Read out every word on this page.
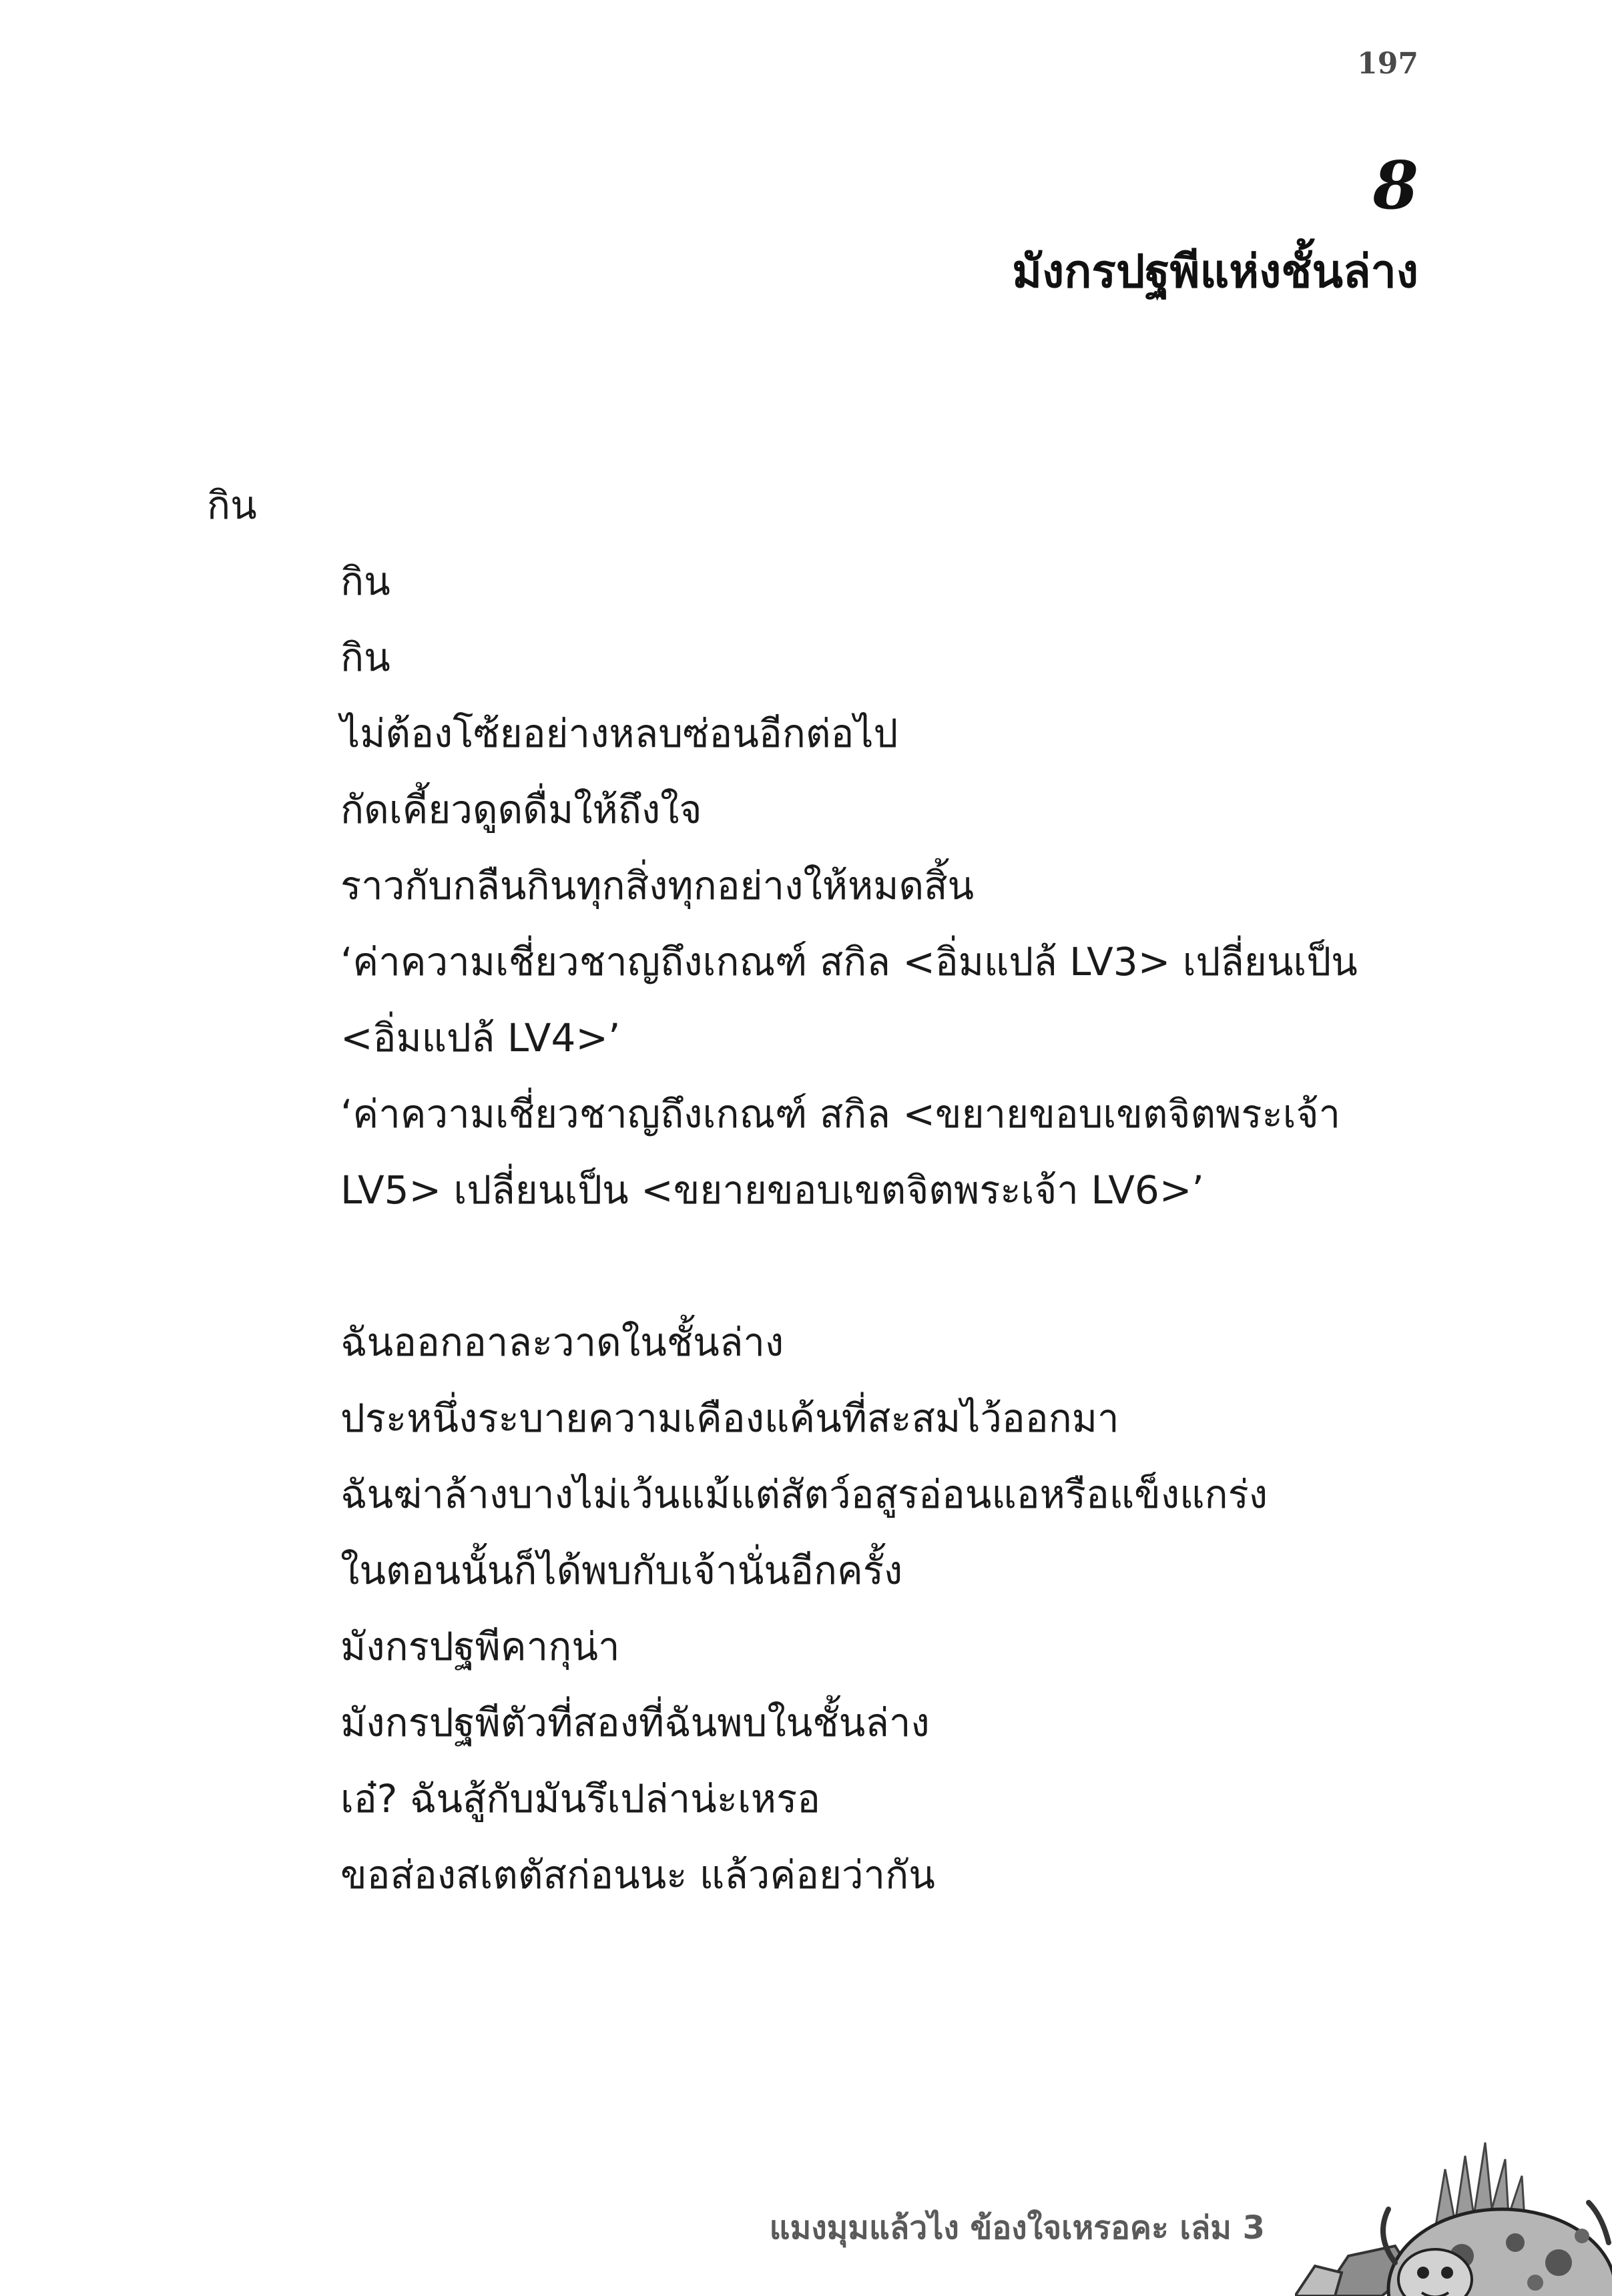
197
8
มังกรปฐพีแห่งชั้นล่าง
กิน
กิน
กิน
ไม่ต้องโซ้ยอย่างหลบซ่อนอีกต่อไป
กัดเคี้ยวดูดดื่มให้ถึงใจ
ราวกับกลืนกินทุกสิ่งทุกอย่างให้หมดสิ้น
‘ค่าความเชี่ยวชาญถึงเกณฑ์ สกิล <อิ่มแปล้ LV3> เปลี่ยนเป็น <อิ่มแปล้ LV4>’
‘ค่าความเชี่ยวชาญถึงเกณฑ์ สกิล <ขยายขอบเขตจิตพระเจ้า LV5> เปลี่ยนเป็น <ขยายขอบเขตจิตพระเจ้า LV6>’
ฉันออกอาละวาดในชั้นล่าง
ประหนึ่งระบายความเคืองแค้นที่สะสมไว้ออกมา
ฉันฆ่าล้างบางไม่เว้นแม้แต่สัตว์อสูรอ่อนแอหรือแข็งแกร่ง
ในตอนนั้นก็ได้พบกับเจ้านั่นอีกครั้ง
มังกรปฐพีคากุน่า
มังกรปฐพีตัวที่สองที่ฉันพบในชั้นล่าง
เอ๋? ฉันสู้กับมันรึเปล่าน่ะเหรอ
ขอส่องสเตตัสก่อนนะ แล้วค่อยว่ากัน
แมงมุมแล้วไง ข้องใจเหรอคะ เล่ม 3
